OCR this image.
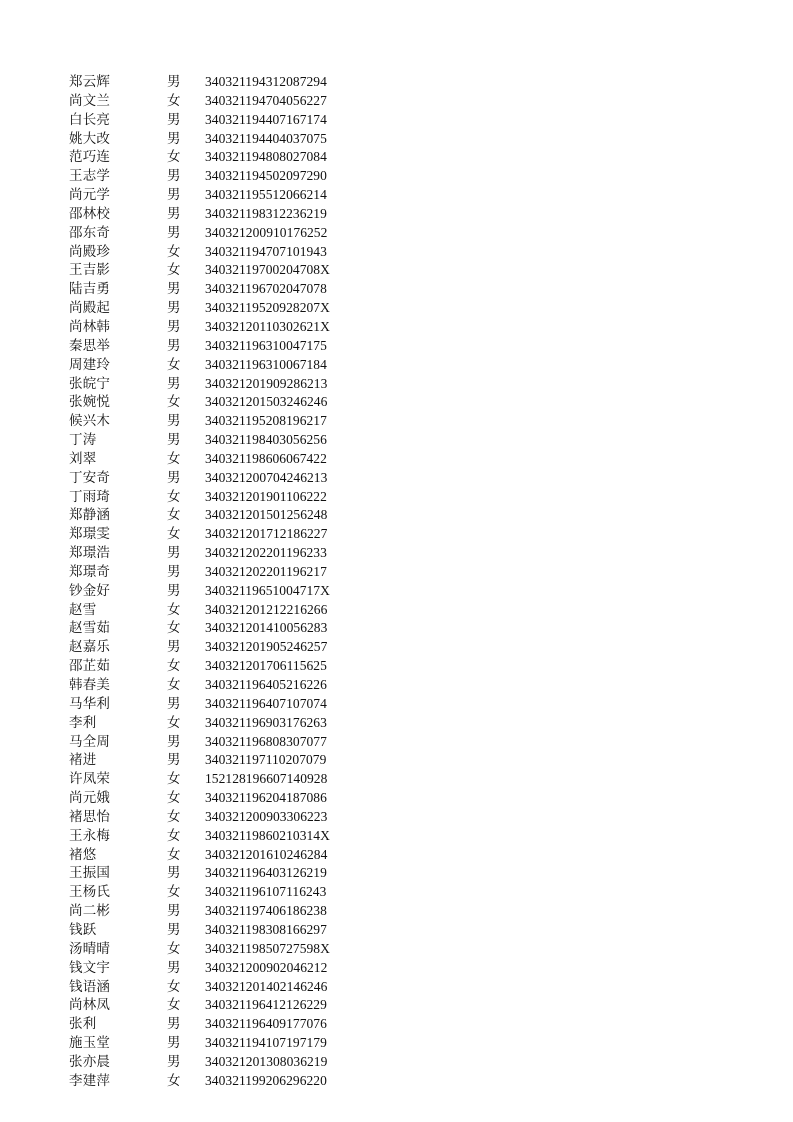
郑云辉	男 340321194312087294
尚文兰	女 340321194704056227
白长亮	男 340321194407167174
姚大改	男 340321194404037075
范巧连	女 340321194808027084
王志学	男 340321194502097290
尚元学	男 340321195512066214
邵林校	男 340321198312236219
邵东奇	男 340321200910176252
尚殿珍	女 340321194707101943
王吉影	女 34032119700204708X
陆吉勇	男 340321196702047078
尚殿起	男 34032119520928207X
尚林韩	男 34032120110302621X
秦思举	男 340321196310047175
周建玲	女 340321196310067184
张皖宁	男 340321201909286213
张婉悦	女 340321201503246246
候兴木	男 340321195208196217
丁涛	男 340321198403056256
刘翠	女 340321198606067422
丁安奇	男 340321200704246213
丁雨琦	女 340321201901106222
郑静涵	女 340321201501256248
郑璟雯	女 340321201712186227
郑璟浩	男 340321202201196233
郑璟奇	男 340321202201196217
钞金好	男 34032119651004717X
赵雪	女 340321201212216266
赵雪茹	女 340321201410056283
赵嘉乐	男 340321201905246257
邵芷茹	女 340321201706115625
韩春美	女 340321196405216226
马华利	男 340321196407107074
李利	女 340321196903176263
马全周	男 340321196808307077
褚进	男 340321197110207079
许凤荣	女 152128196607140928
尚元娥	女 340321196204187086
褚思怡	女 340321200903306223
王永梅	女 34032119860210314X
褚悠	女 340321201610246284
王振国	男 340321196403126219
王杨氏	女 340321196107116243
尚二彬	男 340321197406186238
钱跃	男 340321198308166297
汤晴晴	女 34032119850727598X
钱文宇	男 340321200902046212
钱语涵	女 340321201402146246
尚林凤	女 340321196412126229
张利	男 340321196409177076
施玉堂	男 340321194107197179
张亦晨	男 340321201308036219
李建萍	女 340321199206296220
